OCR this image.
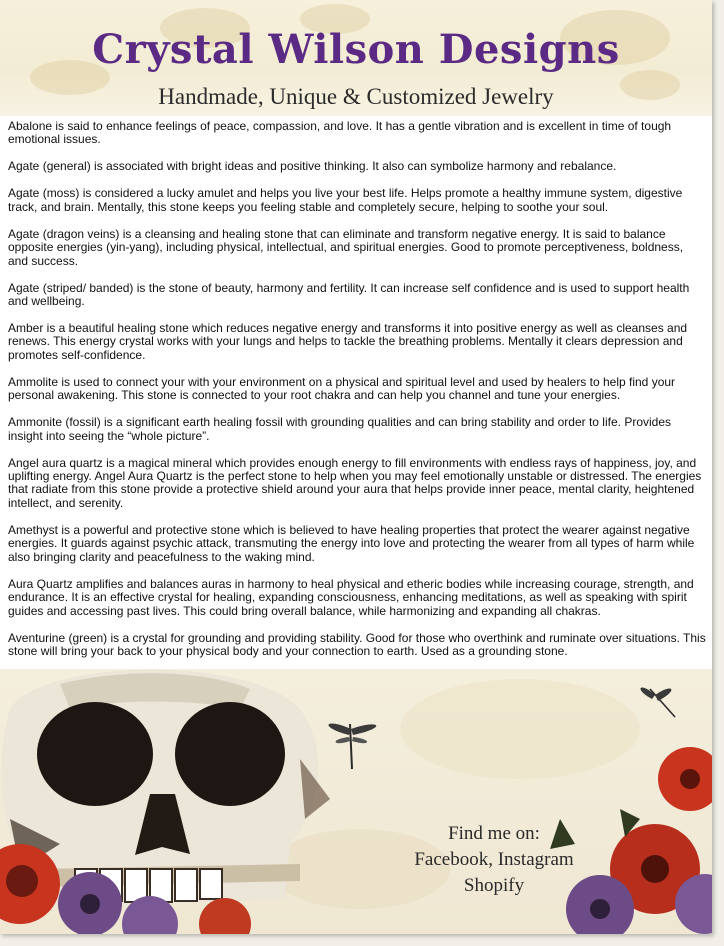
Crystal Wilson Designs
Handmade, Unique & Customized Jewelry

Abalone is said to enhance feelings of peace, compassion, and love. It has a gentle vibration and is excellent in time of tough emotional issues.

Agate (general) is associated with bright ideas and positive thinking. It also can symbolize harmony and rebalance.

Agate (moss) is considered a lucky amulet and helps you live your best life. Helps promote a healthy immune system, digestive track, and brain. Mentally, this stone keeps you feeling stable and completely secure, helping to soothe your soul.

Agate (dragon veins) is a cleansing and healing stone that can eliminate and transform negative energy. It is said to balance opposite energies (yin-yang), including physical, intellectual, and spiritual energies. Good to promote perceptiveness, boldness, and success.

Agate (striped/ banded) is the stone of beauty, harmony and fertility. It can increase self confidence and is used to support health and wellbeing.

Amber is a beautiful healing stone which reduces negative energy and transforms it into positive energy as well as cleanses and renews. This energy crystal works with your lungs and helps to tackle the breathing problems. Mentally it clears depression and promotes self-confidence.

Ammolite is used to connect your with your environment on a physical and spiritual level and used by healers to help find your personal awakening. This stone is connected to your root chakra and can help you channel and tune your energies.

Ammonite (fossil) is a significant earth healing fossil with grounding qualities and can bring stability and order to life. Provides insight into seeing the “whole picture”.

Angel aura quartz is a magical mineral which provides enough energy to fill environments with endless rays of happiness, joy, and uplifting energy. Angel Aura Quartz is the perfect stone to help when you may feel emotionally unstable or distressed. The energies that radiate from this stone provide a protective shield around your aura that helps provide inner peace, mental clarity, heightened intellect, and serenity.

Amethyst is a powerful and protective stone which is believed to have healing properties that protect the wearer against negative energies. It guards against psychic attack, transmuting the energy into love and protecting the wearer from all types of harm while also bringing clarity and peacefulness to the waking mind.

Aura Quartz amplifies and balances auras in harmony to heal physical and etheric bodies while increasing courage, strength, and endurance. It is an effective crystal for healing, expanding consciousness, enhancing meditations, as well as speaking with spirit guides and accessing past lives. This could bring overall balance, while harmonizing and expanding all chakras.

Aventurine (green) is a crystal for grounding and providing stability. Good for those who overthink and ruminate over situations. This stone will bring your back to your physical body and your connection to earth. Used as a grounding stone.

Find me on:
Facebook, Instagram
Shopify
